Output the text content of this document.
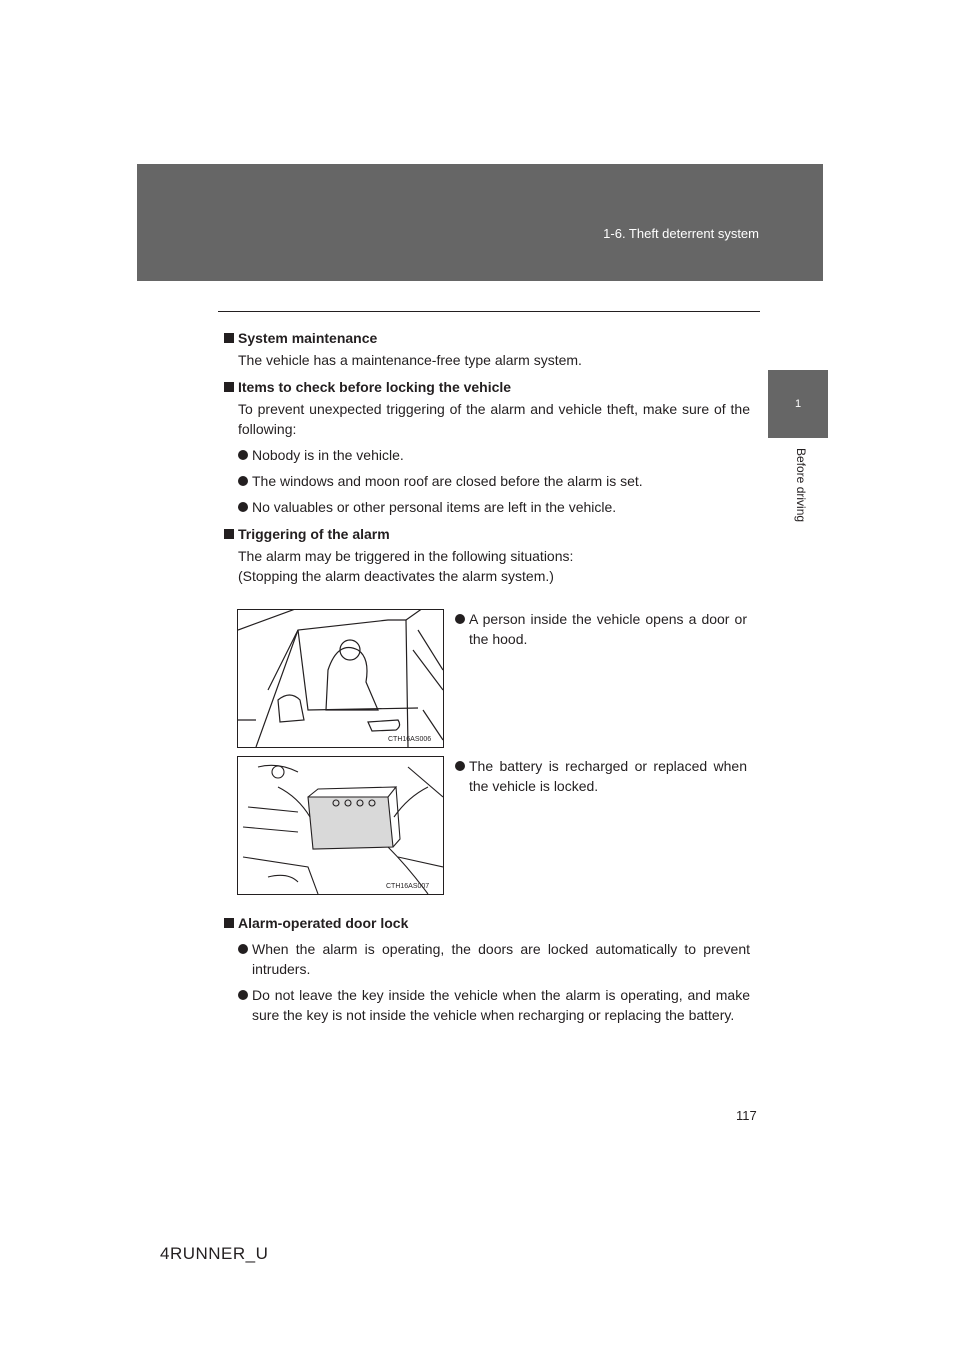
1-6. Theft deterrent system
1
Before driving

System maintenance

The vehicle has a maintenance-free type alarm system.

Items to check before locking the vehicle

To prevent unexpected triggering of the alarm and vehicle theft, make sure of the following:

Nobody is in the vehicle.
The windows and moon roof are closed before the alarm is set.
No valuables or other personal items are left in the vehicle.

Triggering of the alarm

The alarm may be triggered in the following situations:
(Stopping the alarm deactivates the alarm system.)

CTH16AS006
A person inside the vehicle opens a door or the hood.
CTH16AS007
The battery is recharged or replaced when the vehicle is locked.

Alarm-operated door lock

When the alarm is operating, the doors are locked automatically to prevent intruders.
Do not leave the key inside the vehicle when the alarm is operating, and make sure the key is not inside the vehicle when recharging or replacing the battery.
117
4RUNNER_U
